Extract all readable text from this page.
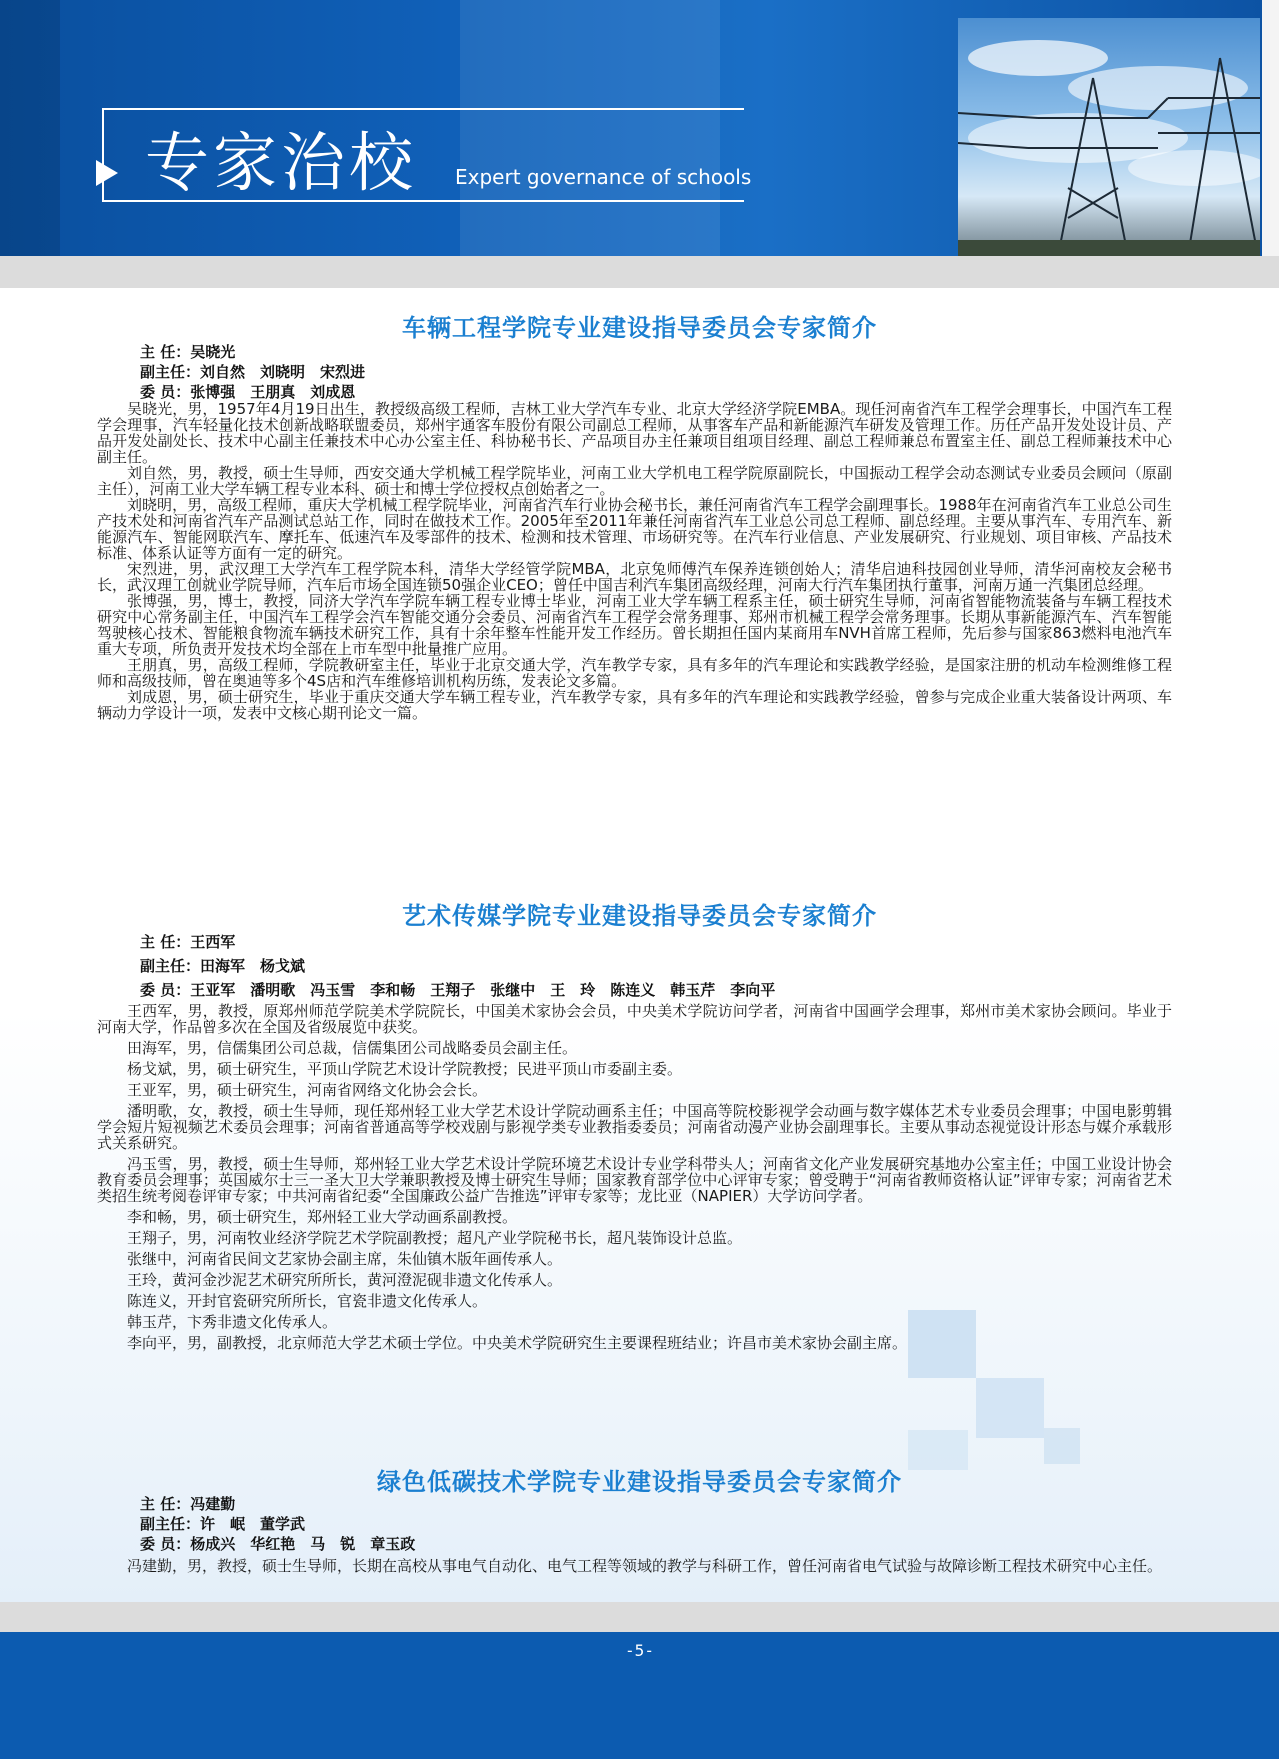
专家治校 Expert governance of schools
车辆工程学院专业建设指导委员会专家简介
主 任：吴晓光
副主任：刘自然　刘晓明　宋烈进
委 员：张博强　王朋真　刘成恩

吴晓光，男，1957年4月19日出生，教授级高级工程师，吉林工业大学汽车专业、北京大学经济学院EMBA。现任河南省汽车工程学会理事长，中国汽车工程学会理事，汽车轻量化技术创新战略联盟委员，郑州宇通客车股份有限公司副总工程师，从事客车产品和新能源汽车研发及管理工作。历任产品开发处设计员、产品开发处副处长、技术中心副主任兼技术中心办公室主任、科协秘书长、产品项目办主任兼项目组项目经理、副总工程师兼总布置室主任、副总工程师兼技术中心副主任。

刘自然，男，教授，硕士生导师，西安交通大学机械工程学院毕业，河南工业大学机电工程学院原副院长，中国振动工程学会动态测试专业委员会顾问（原副主任），河南工业大学车辆工程专业本科、硕士和博士学位授权点创始者之一。

刘晓明，男，高级工程师，重庆大学机械工程学院毕业，河南省汽车行业协会秘书长，兼任河南省汽车工程学会副理事长。1988年在河南省汽车工业总公司生产技术处和河南省汽车产品测试总站工作，同时在做技术工作。2005年至2011年兼任河南省汽车工业总公司总工程师、副总经理。主要从事汽车、专用汽车、新能源汽车、智能网联汽车、摩托车、低速汽车及零部件的技术、检测和技术管理、市场研究等。在汽车行业信息、产业发展研究、行业规划、项目审核、产品技术标准、体系认证等方面有一定的研究。

宋烈进，男，武汉理工大学汽车工程学院本科，清华大学经管学院MBA，北京兔师傅汽车保养连锁创始人；清华启迪科技园创业导师，清华河南校友会秘书长，武汉理工创就业学院导师，汽车后市场全国连锁50强企业CEO；曾任中国吉利汽车集团高级经理，河南大行汽车集团执行董事，河南万通一汽集团总经理。

张博强，男，博士，教授，同济大学汽车学院车辆工程专业博士毕业，河南工业大学车辆工程系主任，硕士研究生导师，河南省智能物流装备与车辆工程技术研究中心常务副主任，中国汽车工程学会汽车智能交通分会委员、河南省汽车工程学会常务理事、郑州市机械工程学会常务理事。长期从事新能源汽车、汽车智能驾驶核心技术、智能粮食物流车辆技术研究工作，具有十余年整车性能开发工作经历。曾长期担任国内某商用车NVH首席工程师，先后参与国家863燃料电池汽车重大专项，所负责开发技术均全部在上市车型中批量推广应用。

王朋真，男，高级工程师，学院教研室主任，毕业于北京交通大学，汽车教学专家，具有多年的汽车理论和实践教学经验，是国家注册的机动车检测维修工程师和高级技师，曾在奥迪等多个4S店和汽车维修培训机构历练，发表论文多篇。

刘成恩，男，硕士研究生，毕业于重庆交通大学车辆工程专业，汽车教学专家，具有多年的汽车理论和实践教学经验，曾参与完成企业重大装备设计两项、车辆动力学设计一项，发表中文核心期刊论文一篇。

艺术传媒学院专业建设指导委员会专家简介
主 任：王西军
副主任：田海军　杨戈斌
委 员：王亚军　潘明歌　冯玉雪　李和畅　王翔子　张继中　王　玲　陈连义　韩玉芹　李向平

王西军，男，教授，原郑州师范学院美术学院院长，中国美术家协会会员，中央美术学院访问学者，河南省中国画学会理事，郑州市美术家协会顾问。毕业于河南大学，作品曾多次在全国及省级展览中获奖。

田海军，男，信儒集团公司总裁，信儒集团公司战略委员会副主任。

杨戈斌，男，硕士研究生，平顶山学院艺术设计学院教授；民进平顶山市委副主委。

王亚军，男，硕士研究生，河南省网络文化协会会长。

潘明歌，女，教授，硕士生导师，现任郑州轻工业大学艺术设计学院动画系主任；中国高等院校影视学会动画与数字媒体艺术专业委员会理事；中国电影剪辑学会短片短视频艺术委员会理事；河南省普通高等学校戏剧与影视学类专业教指委委员；河南省动漫产业协会副理事长。主要从事动态视觉设计形态与媒介承载形式关系研究。

冯玉雪，男，教授，硕士生导师，郑州轻工业大学艺术设计学院环境艺术设计专业学科带头人；河南省文化产业发展研究基地办公室主任；中国工业设计协会教育委员会理事；英国威尔士三一圣大卫大学兼职教授及博士研究生导师；国家教育部学位中心评审专家；曾受聘于“河南省教师资格认证”评审专家；河南省艺术类招生统考阅卷评审专家；中共河南省纪委“全国廉政公益广告推选”评审专家等；龙比亚（NAPIER）大学访问学者。

李和畅，男，硕士研究生，郑州轻工业大学动画系副教授。

王翔子，男，河南牧业经济学院艺术学院副教授；超凡产业学院秘书长，超凡装饰设计总监。

张继中，河南省民间文艺家协会副主席，朱仙镇木版年画传承人。

王玲，黄河金沙泥艺术研究所所长，黄河澄泥砚非遗文化传承人。

陈连义，开封官瓷研究所所长，官瓷非遗文化传承人。

韩玉芹，卞秀非遗文化传承人。

李向平，男，副教授，北京师范大学艺术硕士学位。中央美术学院研究生主要课程班结业；许昌市美术家协会副主席。

绿色低碳技术学院专业建设指导委员会专家简介
主 任：冯建勤
副主任：许　岷　董学武
委 员：杨成兴　华红艳　马　锐　章玉政

冯建勤，男，教授，硕士生导师，长期在高校从事电气自动化、电气工程等领域的教学与科研工作，曾任河南省电气试验与故障诊断工程技术研究中心主任。

-5-
